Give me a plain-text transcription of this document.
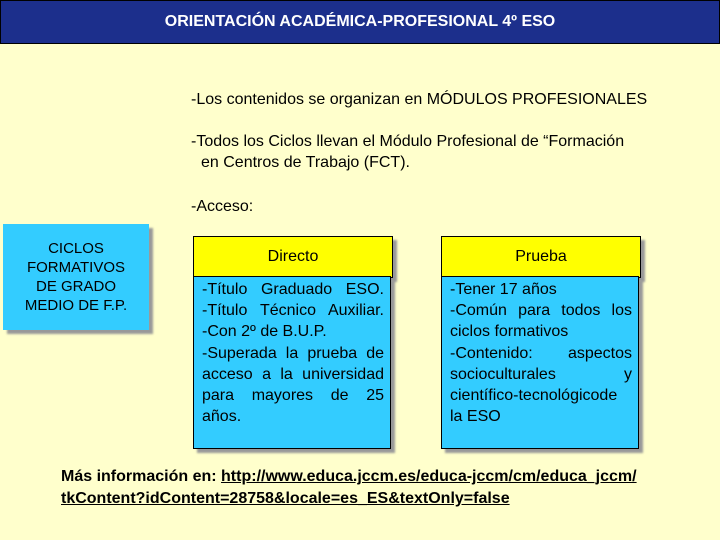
ORIENTACIÓN ACADÉMICA-PROFESIONAL 4º ESO
-Los contenidos se organizan en MÓDULOS PROFESIONALES
-Todos los Ciclos llevan el Módulo Profesional de “Formación
en Centros de Trabajo (FCT).
-Acceso:
CICLOS
FORMATIVOS
DE GRADO
MEDIO DE F.P.
Directo
-Título Graduado ESO.
-Título Técnico Auxiliar.
-Con 2º de B.U.P.
-Superada la prueba de
acceso a la universidad
para mayores de 25
años.
Prueba
-Tener 17 años
-Común para todos los
ciclos formativos
-Contenido: aspectos
socioculturales y
científico-tecnológicode
la ESO
Más información en: http://www.educa.jccm.es/educa-jccm/cm/educa_jccm/
tkContent?idContent=28758&locale=es_ES&textOnly=false
